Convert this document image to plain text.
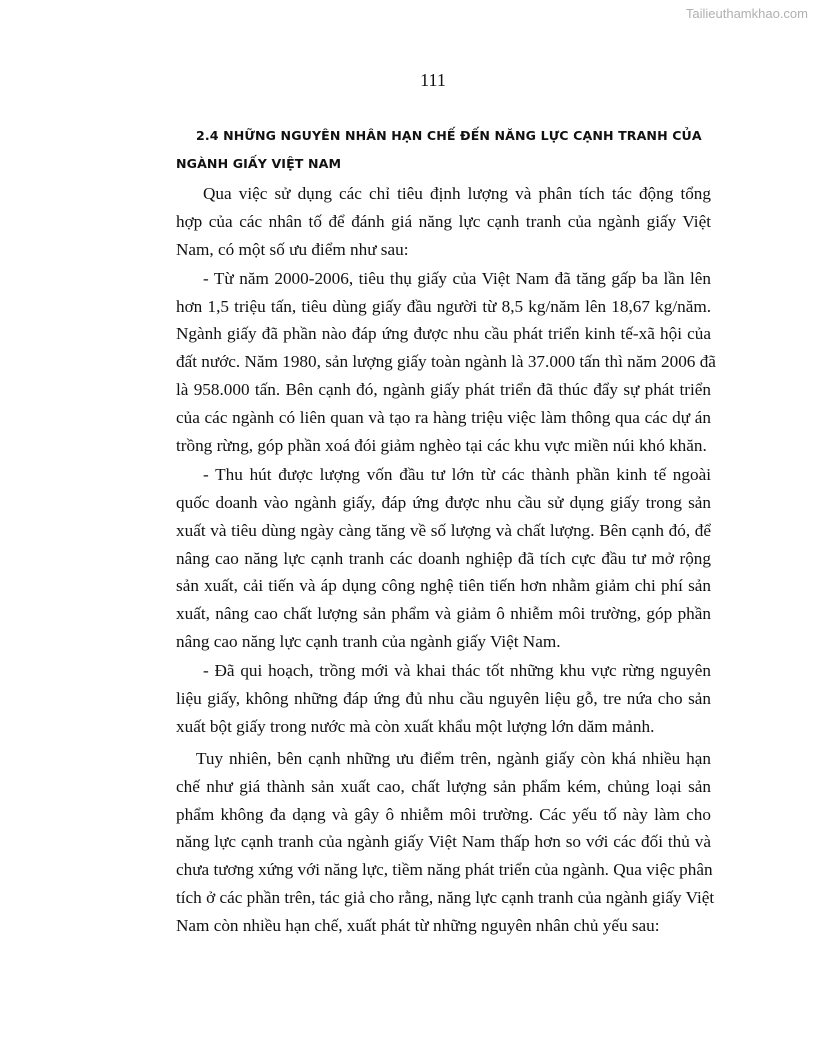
Tailieuthamkhao.com
111
2.4 NHỮNG NGUYÊN NHÂN HẠN CHẾ ĐẾN NĂNG LỰC CẠNH TRANH CỦA
NGÀNH GIẤY VIỆT NAM
Qua việc sử dụng các chỉ tiêu định lượng và phân tích tác động tổng
hợp của các nhân tố để đánh giá năng lực cạnh tranh của ngành giấy Việt
Nam, có một số ưu điểm như sau:
- Từ năm 2000-2006, tiêu thụ giấy của Việt Nam đã tăng gấp ba lần lên
hơn 1,5 triệu tấn, tiêu dùng giấy đầu người từ 8,5 kg/năm lên 18,67 kg/năm.
Ngành giấy đã phần nào đáp ứng được nhu cầu phát triển kinh tế-xã hội của
đất nước. Năm 1980, sản lượng giấy toàn ngành là 37.000 tấn thì năm 2006 đã
là 958.000 tấn. Bên cạnh đó, ngành giấy phát triển đã thúc đẩy sự phát triển
của các ngành có liên quan và tạo ra hàng triệu việc làm thông qua các dự án
trồng rừng, góp phần xoá đói giảm nghèo tại các khu vực miền núi khó khăn.
- Thu hút được lượng vốn đầu tư lớn từ các thành phần kinh tế ngoài
quốc doanh vào ngành giấy, đáp ứng được nhu cầu sử dụng giấy trong sản
xuất và tiêu dùng ngày càng tăng về số lượng và chất lượng. Bên cạnh đó, để
nâng cao năng lực cạnh tranh các doanh nghiệp đã tích cực đầu tư mở rộng
sản xuất, cải tiến và áp dụng công nghệ tiên tiến hơn nhằm giảm chi phí sản
xuất, nâng cao chất lượng sản phẩm và giảm ô nhiễm môi trường, góp phần
nâng cao năng lực cạnh tranh của ngành giấy Việt Nam.
- Đã qui hoạch, trồng mới và khai thác tốt những khu vực rừng nguyên
liệu giấy, không những đáp ứng đủ nhu cầu nguyên liệu gỗ, tre nứa cho sản
xuất bột giấy trong nước mà còn xuất khẩu một lượng lớn dăm mảnh.
Tuy nhiên, bên cạnh những ưu điểm trên, ngành giấy còn khá nhiều hạn
chế như giá thành sản xuất cao, chất lượng sản phẩm kém, chủng loại sản
phẩm không đa dạng và gây ô nhiễm môi trường. Các yếu tố này làm cho
năng lực cạnh tranh của ngành giấy Việt Nam thấp hơn so với các đối thủ và
chưa tương xứng với năng lực, tiềm năng phát triển của ngành. Qua việc phân
tích ở các phần trên, tác giả cho rằng, năng lực cạnh tranh của ngành giấy Việt
Nam còn nhiều hạn chế, xuất phát từ những nguyên nhân chủ yếu sau:
